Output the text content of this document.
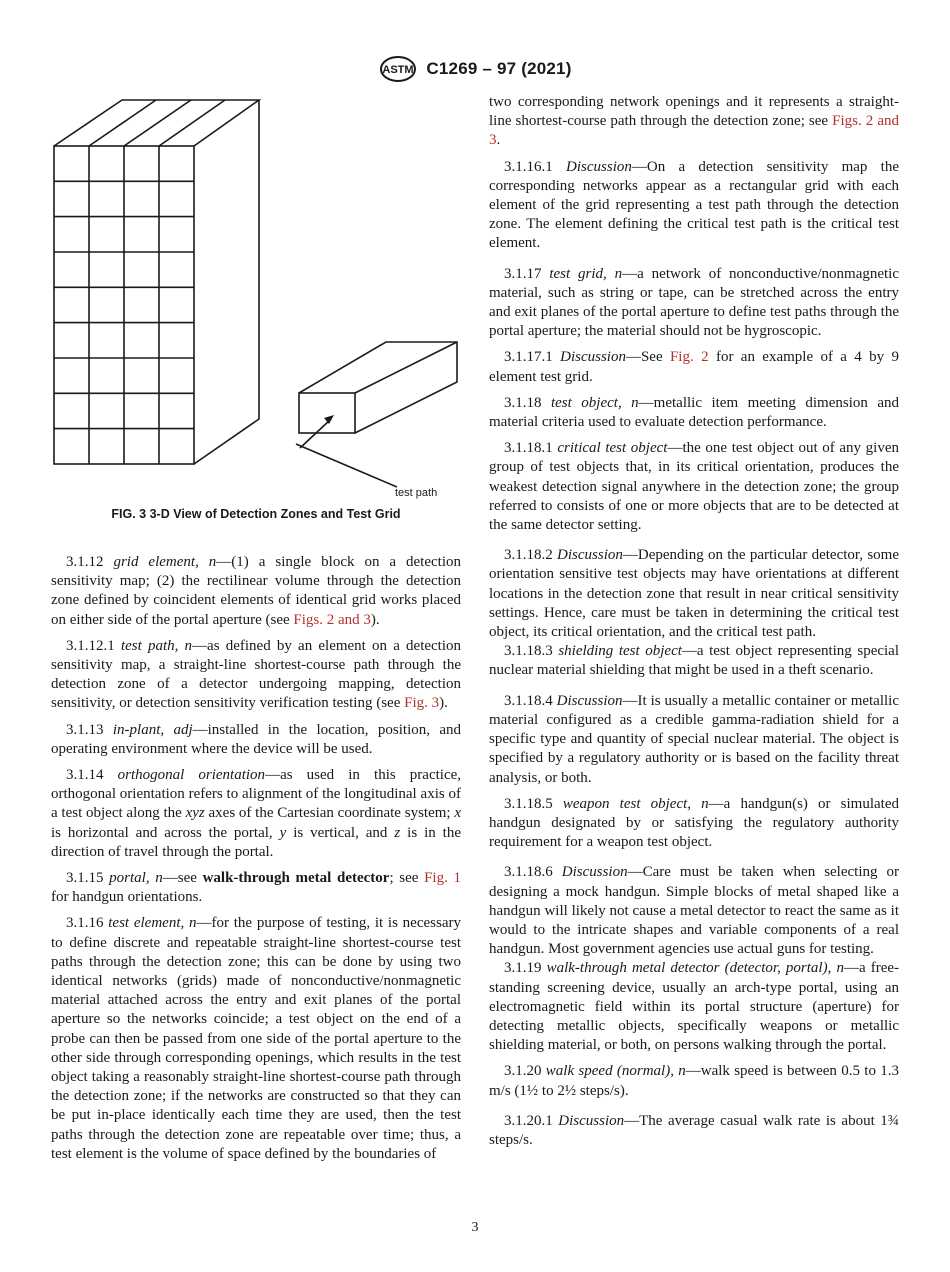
ASTM C1269 – 97 (2021)
test path
FIG. 3 3-D View of Detection Zones and Test Grid

3.1.12 grid element, n—(1) a single block on a detection sensitivity map; (2) the rectilinear volume through the detection zone defined by coincident elements of identical grid works placed on either side of the portal aperture (see Figs. 2 and 3).

3.1.12.1 test path, n—as defined by an element on a detection sensitivity map, a straight-line shortest-course path through the detection zone of a detector undergoing mapping, detection sensitivity, or detection sensitivity verification testing (see Fig. 3).

3.1.13 in-plant, adj—installed in the location, position, and operating environment where the device will be used.

3.1.14 orthogonal orientation—as used in this practice, orthogonal orientation refers to alignment of the longitudinal axis of a test object along the xyz axes of the Cartesian coordinate system; x is horizontal and across the portal, y is vertical, and z is in the direction of travel through the portal.

3.1.15 portal, n—see walk-through metal detector; see Fig. 1 for handgun orientations.

3.1.16 test element, n—for the purpose of testing, it is necessary to define discrete and repeatable straight-line shortest-course test paths through the detection zone; this can be done by using two identical networks (grids) made of nonconductive/nonmagnetic material attached across the entry and exit planes of the portal aperture so the networks coincide; a test object on the end of a probe can then be passed from one side of the portal aperture to the other side through corresponding openings, which results in the test object taking a reasonably straight-line shortest-course path through the detection zone; if the networks are constructed so that they can be put in-place identically each time they are used, then the test paths through the detection zone are repeatable over time; thus, a test element is the volume of space defined by the boundaries of

two corresponding network openings and it represents a straight-line shortest-course path through the detection zone; see Figs. 2 and 3.

3.1.16.1 Discussion—On a detection sensitivity map the corresponding networks appear as a rectangular grid with each element of the grid representing a test path through the detection zone. The element defining the critical test path is the critical test element.

3.1.17 test grid, n—a network of nonconductive/nonmagnetic material, such as string or tape, can be stretched across the entry and exit planes of the portal aperture to define test paths through the portal aperture; the material should not be hygroscopic.

3.1.17.1 Discussion—See Fig. 2 for an example of a 4 by 9 element test grid.

3.1.18 test object, n—metallic item meeting dimension and material criteria used to evaluate detection performance.

3.1.18.1 critical test object—the one test object out of any given group of test objects that, in its critical orientation, produces the weakest detection signal anywhere in the detection zone; the group referred to consists of one or more objects that are to be detected at the same detector setting.

3.1.18.2 Discussion—Depending on the particular detector, some orientation sensitive test objects may have orientations at different locations in the detection zone that result in near critical sensitivity settings. Hence, care must be taken in determining the critical test object, its critical orientation, and the critical test path.

3.1.18.3 shielding test object—a test object representing special nuclear material shielding that might be used in a theft scenario.

3.1.18.4 Discussion—It is usually a metallic container or metallic material configured as a credible gamma-radiation shield for a specific type and quantity of special nuclear material. The object is specified by a regulatory authority or is based on the facility threat analysis, or both.

3.1.18.5 weapon test object, n—a handgun(s) or simulated handgun designated by or satisfying the regulatory authority requirement for a weapon test object.

3.1.18.6 Discussion—Care must be taken when selecting or designing a mock handgun. Simple blocks of metal shaped like a handgun will likely not cause a metal detector to react the same as it would to the intricate shapes and variable components of a real handgun. Most government agencies use actual guns for testing.

3.1.19 walk-through metal detector (detector, portal), n—a free-standing screening device, usually an arch-type portal, using an electromagnetic field within its portal structure (aperture) for detecting metallic objects, specifically weapons or metallic shielding material, or both, on persons walking through the portal.

3.1.20 walk speed (normal), n—walk speed is between 0.5 to 1.3 m/s (1½ to 2½ steps/s).

3.1.20.1 Discussion—The average casual walk rate is about 1¾ steps/s.

3
